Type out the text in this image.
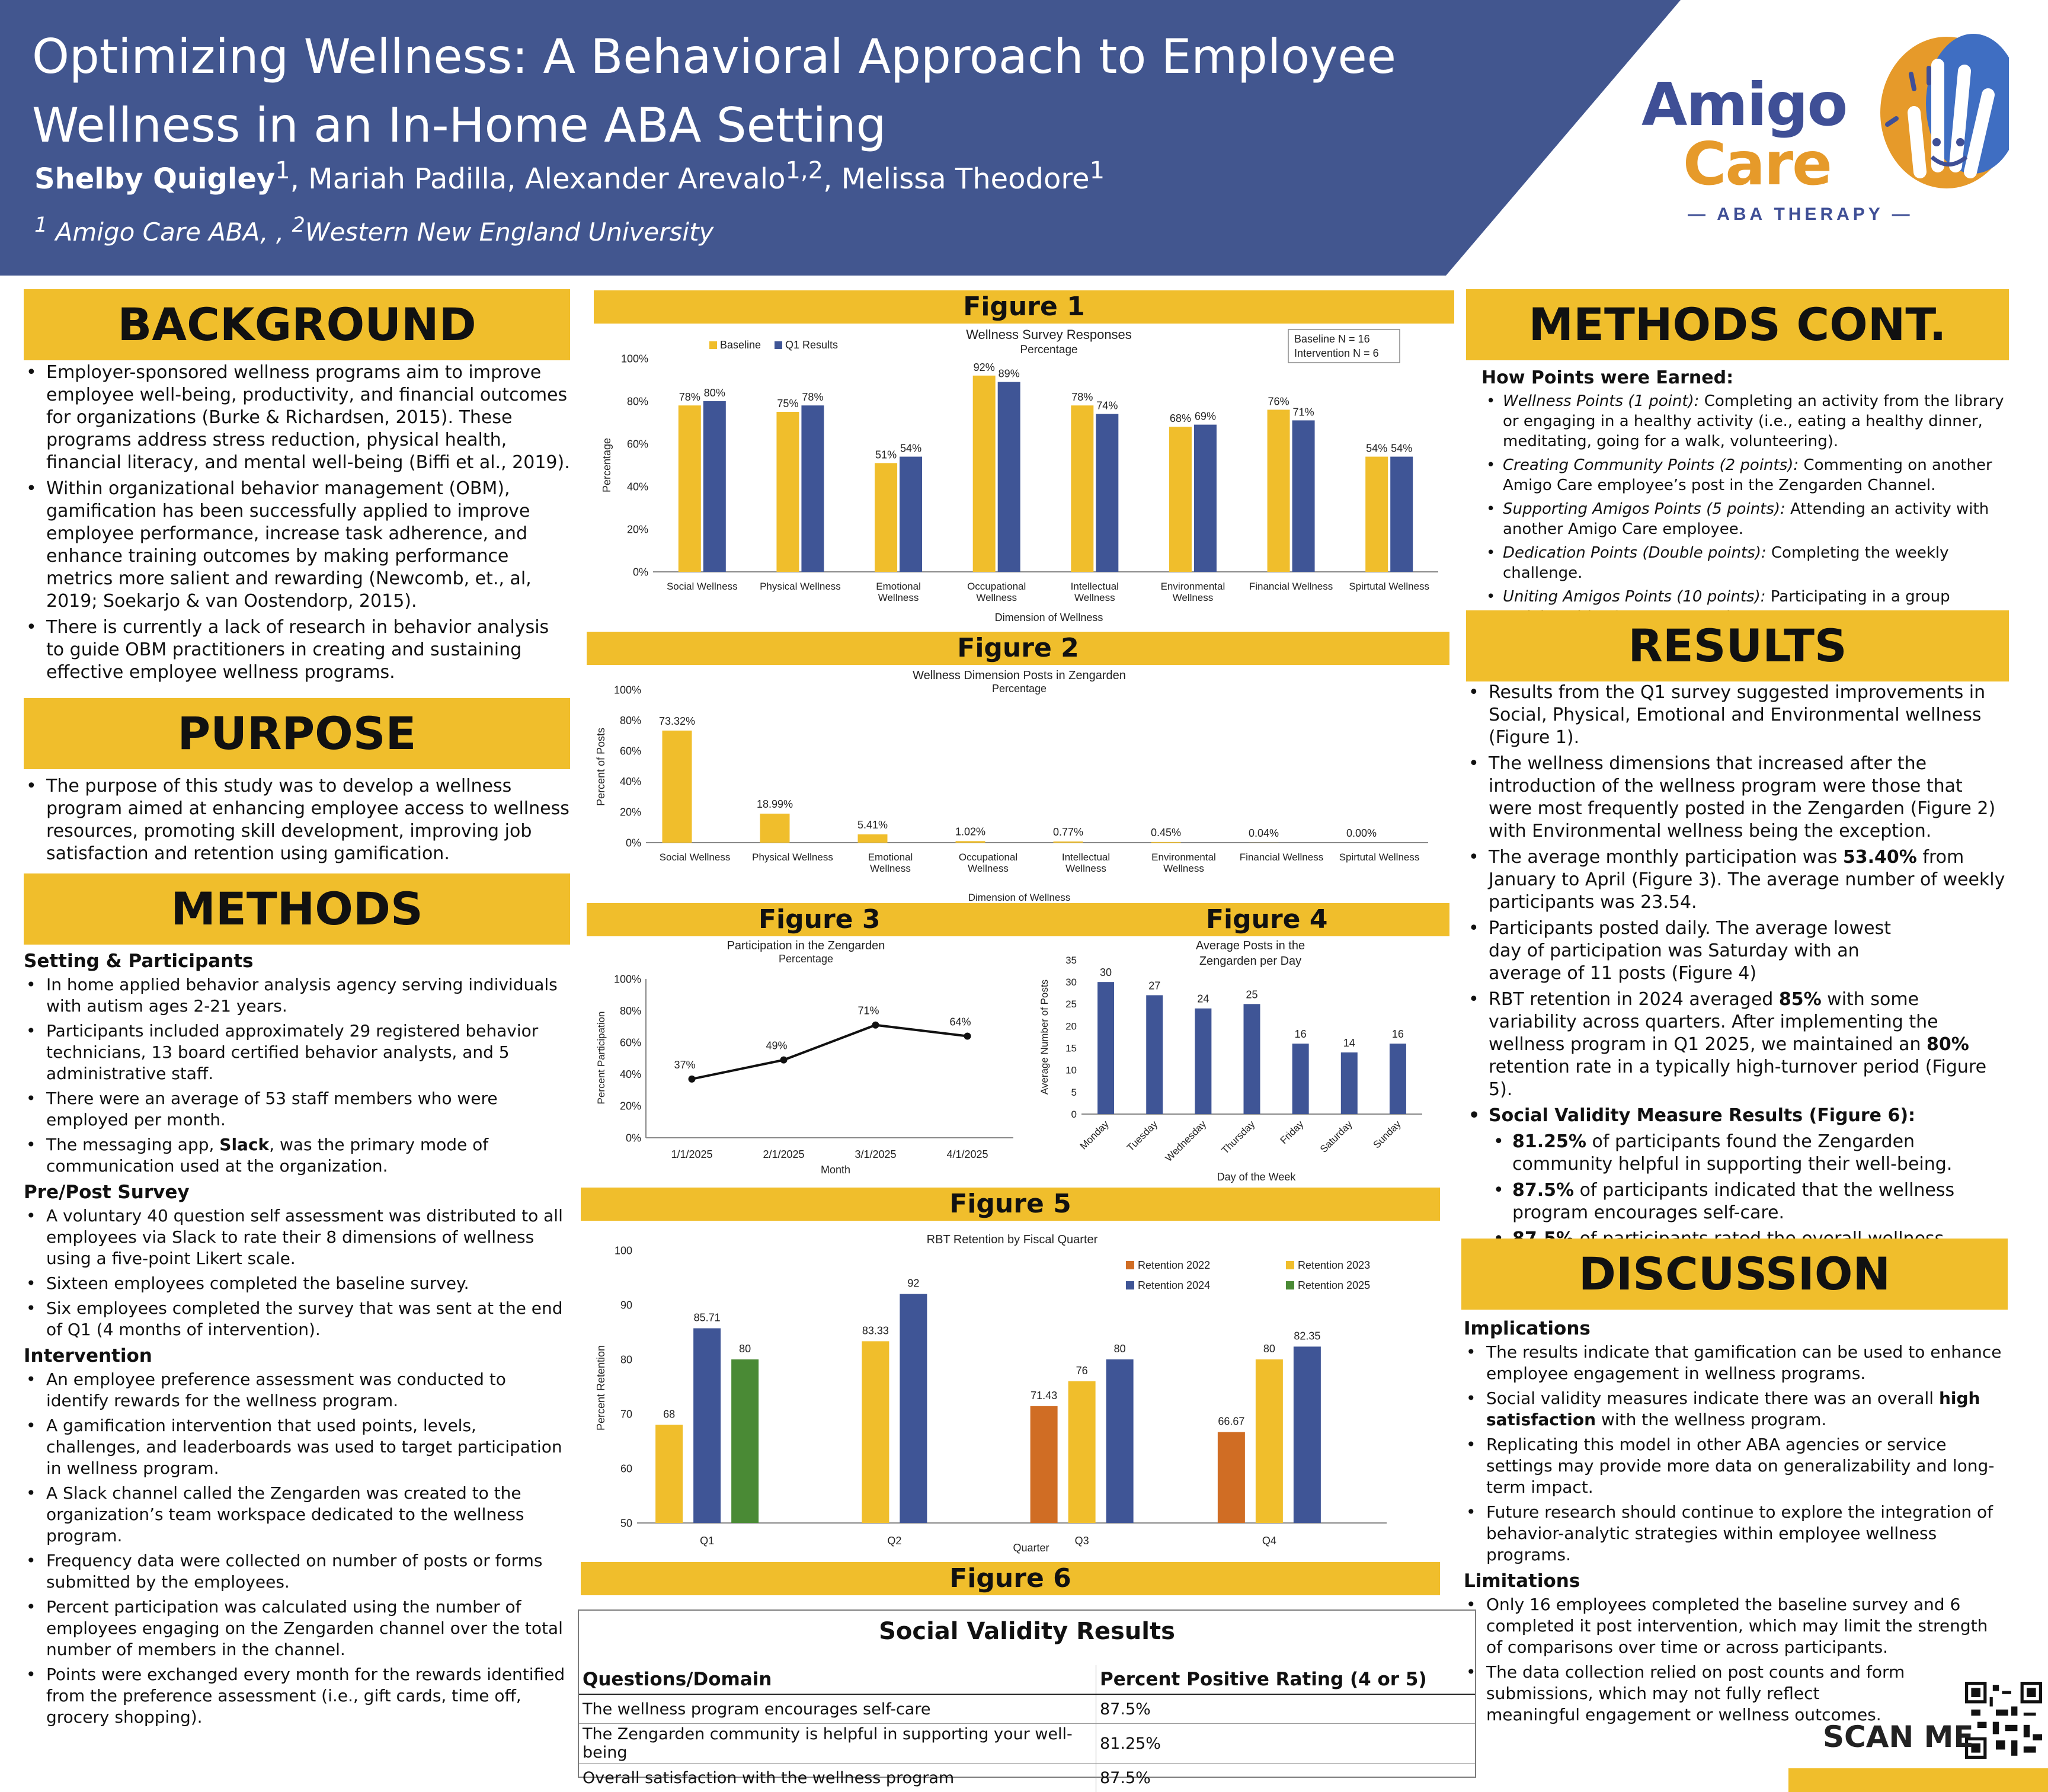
Optimizing Wellness: A Behavioral Approach to Employee Wellness in an In-Home ABA Setting
Shelby Quigley$^1$, Mariah Padilla, Alexander Arevalo$^{1,2}$, Melissa Theodore$^1$
$^1$ Amigo Care ABA, , $^2$Western New England University
Amigo
Care
— ABA THERAPY —
BACKGROUND
• Employer-sponsored wellness programs aim to improve employee well-being, productivity, and financial outcomes for organizations (Burke & Richardsen, 2015). These programs address stress reduction, physical health, financial literacy, and mental well-being (Biffi et al., 2019).
• Within organizational behavior management (OBM), gamification has been successfully applied to improve employee performance, increase task adherence, and enhance training outcomes by making performance metrics more salient and rewarding (Newcomb, et., al, 2019; Soekarjo & van Oostendorp, 2015).
• There is currently a lack of research in behavior analysis to guide OBM practitioners in creating and sustaining effective employee wellness programs.
PURPOSE
• The purpose of this study was to develop a wellness program aimed at enhancing employee access to wellness resources, promoting skill development, improving job satisfaction and retention using gamification.
METHODS
Setting & Participants
• In home applied behavior analysis agency serving individuals with autism ages 2-21 years.
• Participants included approximately 29 registered behavior technicians, 13 board certified behavior analysts, and 5 administrative staff.
• There were an average of 53 staff members who were employed per month.
• The messaging app, Slack, was the primary mode of communication used at the organization.
Pre/Post Survey
• A voluntary 40 question self assessment was distributed to all employees via Slack to rate their 8 dimensions of wellness using a five-point Likert scale.
• Sixteen employees completed the baseline survey.
• Six employees completed the survey that was sent at the end of Q1 (4 months of intervention).
Intervention
• An employee preference assessment was conducted to identify rewards for the wellness program.
• A gamification intervention that used points, levels, challenges, and leaderboards was used to target participation in wellness program.
• A Slack channel called the Zengarden was created to the organization’s team workspace dedicated to the wellness program.
• Frequency data were collected on number of posts or forms submitted by the employees.
• Percent participation was calculated using the number of employees engaging on the Zengarden channel over the total number of members in the channel.
• Points were exchanged every month for the rewards identified from the preference assessment (i.e., gift cards, time off, grocery shopping).
Figure 1
Wellness Survey Responses
Percentage
Baseline N = 16
Intervention N = 6
Baseline Q1 Results
0%
20%
40%
60%
80%
100%
Percentage
78% 80%
Social Wellness
75%
78%
Physical Wellness
51%
54%
Emotional
Wellness
92%
89%
Occupational
Wellness
78%
74%
Intellectual
Wellness
68% 69%
Environmental
Wellness
76%
71%
Financial Wellness
54% 54%
Spirtutal Wellness
Dimension of Wellness
Figure 2
Wellness Dimension Posts in Zengarden
Percentage
0%
20%
40%
60%
80%
100%
Percent of Posts
73.32%
Social Wellness
18.99%
Physical Wellness
5.41%
Emotional
Wellness
1.02%
Occupational
Wellness
0.77%
Intellectual
Wellness
0.45%
Environmental
Wellness
0.04%
Financial Wellness
0.00%
Spirtutal Wellness
Dimension of Wellness
Figure 3	Figure 4
Participation in the Zengarden
Percentage
0%
20%
40%
60%
80%
100%
Percent Participation
1/1/2025	2/1/2025	3/1/2025	4/1/2025
37%
49%
71%
64%
Month
Average Posts in the
Zengarden per Day
0
5
10
15
20
25
30
35
Average Number of Posts
30
Monday
27
Tuesday
24
Wednesday
25
Thursday
16
Friday
14
Saturday
16
Sunday
Day of the Week
Figure 5
RBT Retention by Fiscal Quarter
50
60
70
80
90
100
Percent Retention
Retention 2022	Retention 2023
Retention 2024	Retention 2025
68
85.71
80
Q1
83.33
92
Q2
71.43
76
80
Q3
66.67
80
82.35
Q4
Quarter
Figure 6
Social Validity Results
Questions/Domain	Percent Positive Rating (4 or 5)
The wellness program encourages self-care	87.5%
The Zengarden community is helpful in supporting your well-being	81.25%
Overall satisfaction with the wellness program	87.5%
METHODS CONT.
How Points were Earned:
• Wellness Points (1 point): Completing an activity from the library or engaging in a healthy activity (i.e., eating a healthy dinner, meditating, going for a walk, volunteering).
• Creating Community Points (2 points): Commenting on another Amigo Care employee’s post in the Zengarden Channel.
• Supporting Amigos Points (5 points): Attending an activity with another Amigo Care employee.
• Dedication Points (Double points): Completing the weekly challenge.
• Uniting Amigos Points (10 points): Participating in a group
RESULTS
• Results from the Q1 survey suggested improvements in Social, Physical, Emotional and Environmental wellness (Figure 1).
• The wellness dimensions that increased after the introduction of the wellness program were those that were most frequently posted in the Zengarden (Figure 2) with Environmental wellness being the exception.
• The average monthly participation was 53.40% from January to April (Figure 3). The average number of weekly participants was 23.54.
• Participants posted daily. The average lowest day of participation was Saturday with an average of 11 posts (Figure 4)
• RBT retention in 2024 averaged 85% with some variability across quarters. After implementing the wellness program in Q1 2025, we maintained an 80% retention rate in a typically high-turnover period (Figure 5).
• Social Validity Measure Results (Figure 6):
• 81.25% of participants found the Zengarden community helpful in supporting their well-being.
• 87.5% of participants indicated that the wellness program encourages self-care.
•
DISCUSSION
Implications
• The results indicate that gamification can be used to enhance employee engagement in wellness programs.
• Social validity measures indicate there was an overall high satisfaction with the wellness program.
• Replicating this model in other ABA agencies or service settings may provide more data on generalizability and long-term impact.
• Future research should continue to explore the integration of behavior-analytic strategies within employee wellness programs.
Limitations
• Only 16 employees completed the baseline survey and 6 completed it post intervention, which may limit the strength of comparisons over time or across participants.
• The data collection relied on post counts and form submissions, which may not fully reflect meaningful engagement or wellness outcomes.
SCAN ME
